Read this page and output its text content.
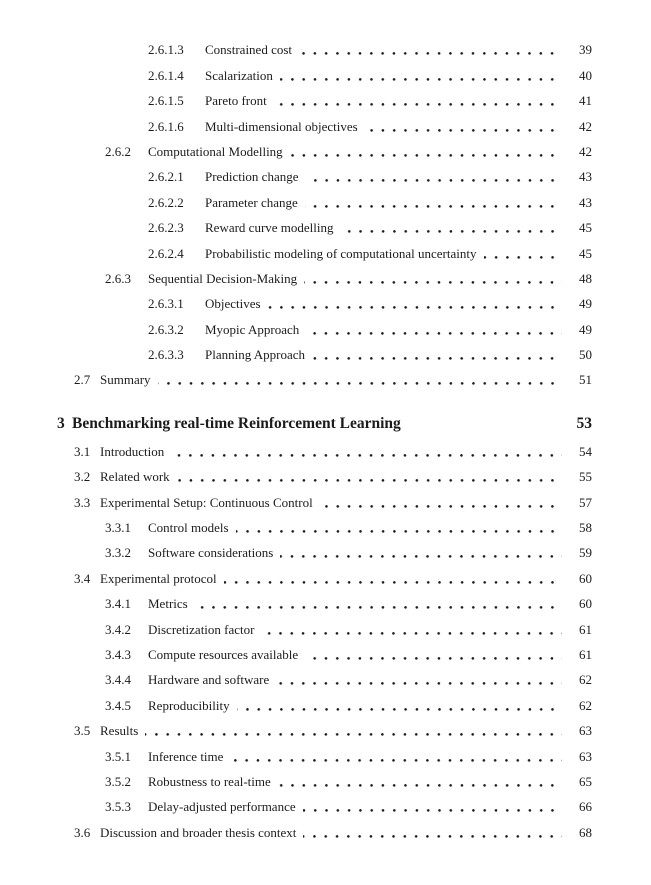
2.6.1.3	Constrained cost	39
2.6.1.4	Scalarization	40
2.6.1.5	Pareto front	41
2.6.1.6	Multi-dimensional objectives	42
2.6.2	Computational Modelling	42
2.6.2.1	Prediction change	43
2.6.2.2	Parameter change	43
2.6.2.3	Reward curve modelling	45
2.6.2.4	Probabilistic modeling of computational uncertainty	45
2.6.3	Sequential Decision-Making	48
2.6.3.1	Objectives	49
2.6.3.2	Myopic Approach	49
2.6.3.3	Planning Approach	50
2.7 Summary	51
3 Benchmarking real-time Reinforcement Learning	53
3.1 Introduction	54
3.2 Related work	55
3.3 Experimental Setup: Continuous Control	57
3.3.1	Control models	58
3.3.2	Software considerations	59
3.4 Experimental protocol	60
3.4.1	Metrics	60
3.4.2	Discretization factor	61
3.4.3	Compute resources available	61
3.4.4	Hardware and software	62
3.4.5	Reproducibility	62
3.5 Results	63
3.5.1	Inference time	63
3.5.2	Robustness to real-time	65
3.5.3	Delay-adjusted performance	66
3.6 Discussion and broader thesis context	68
